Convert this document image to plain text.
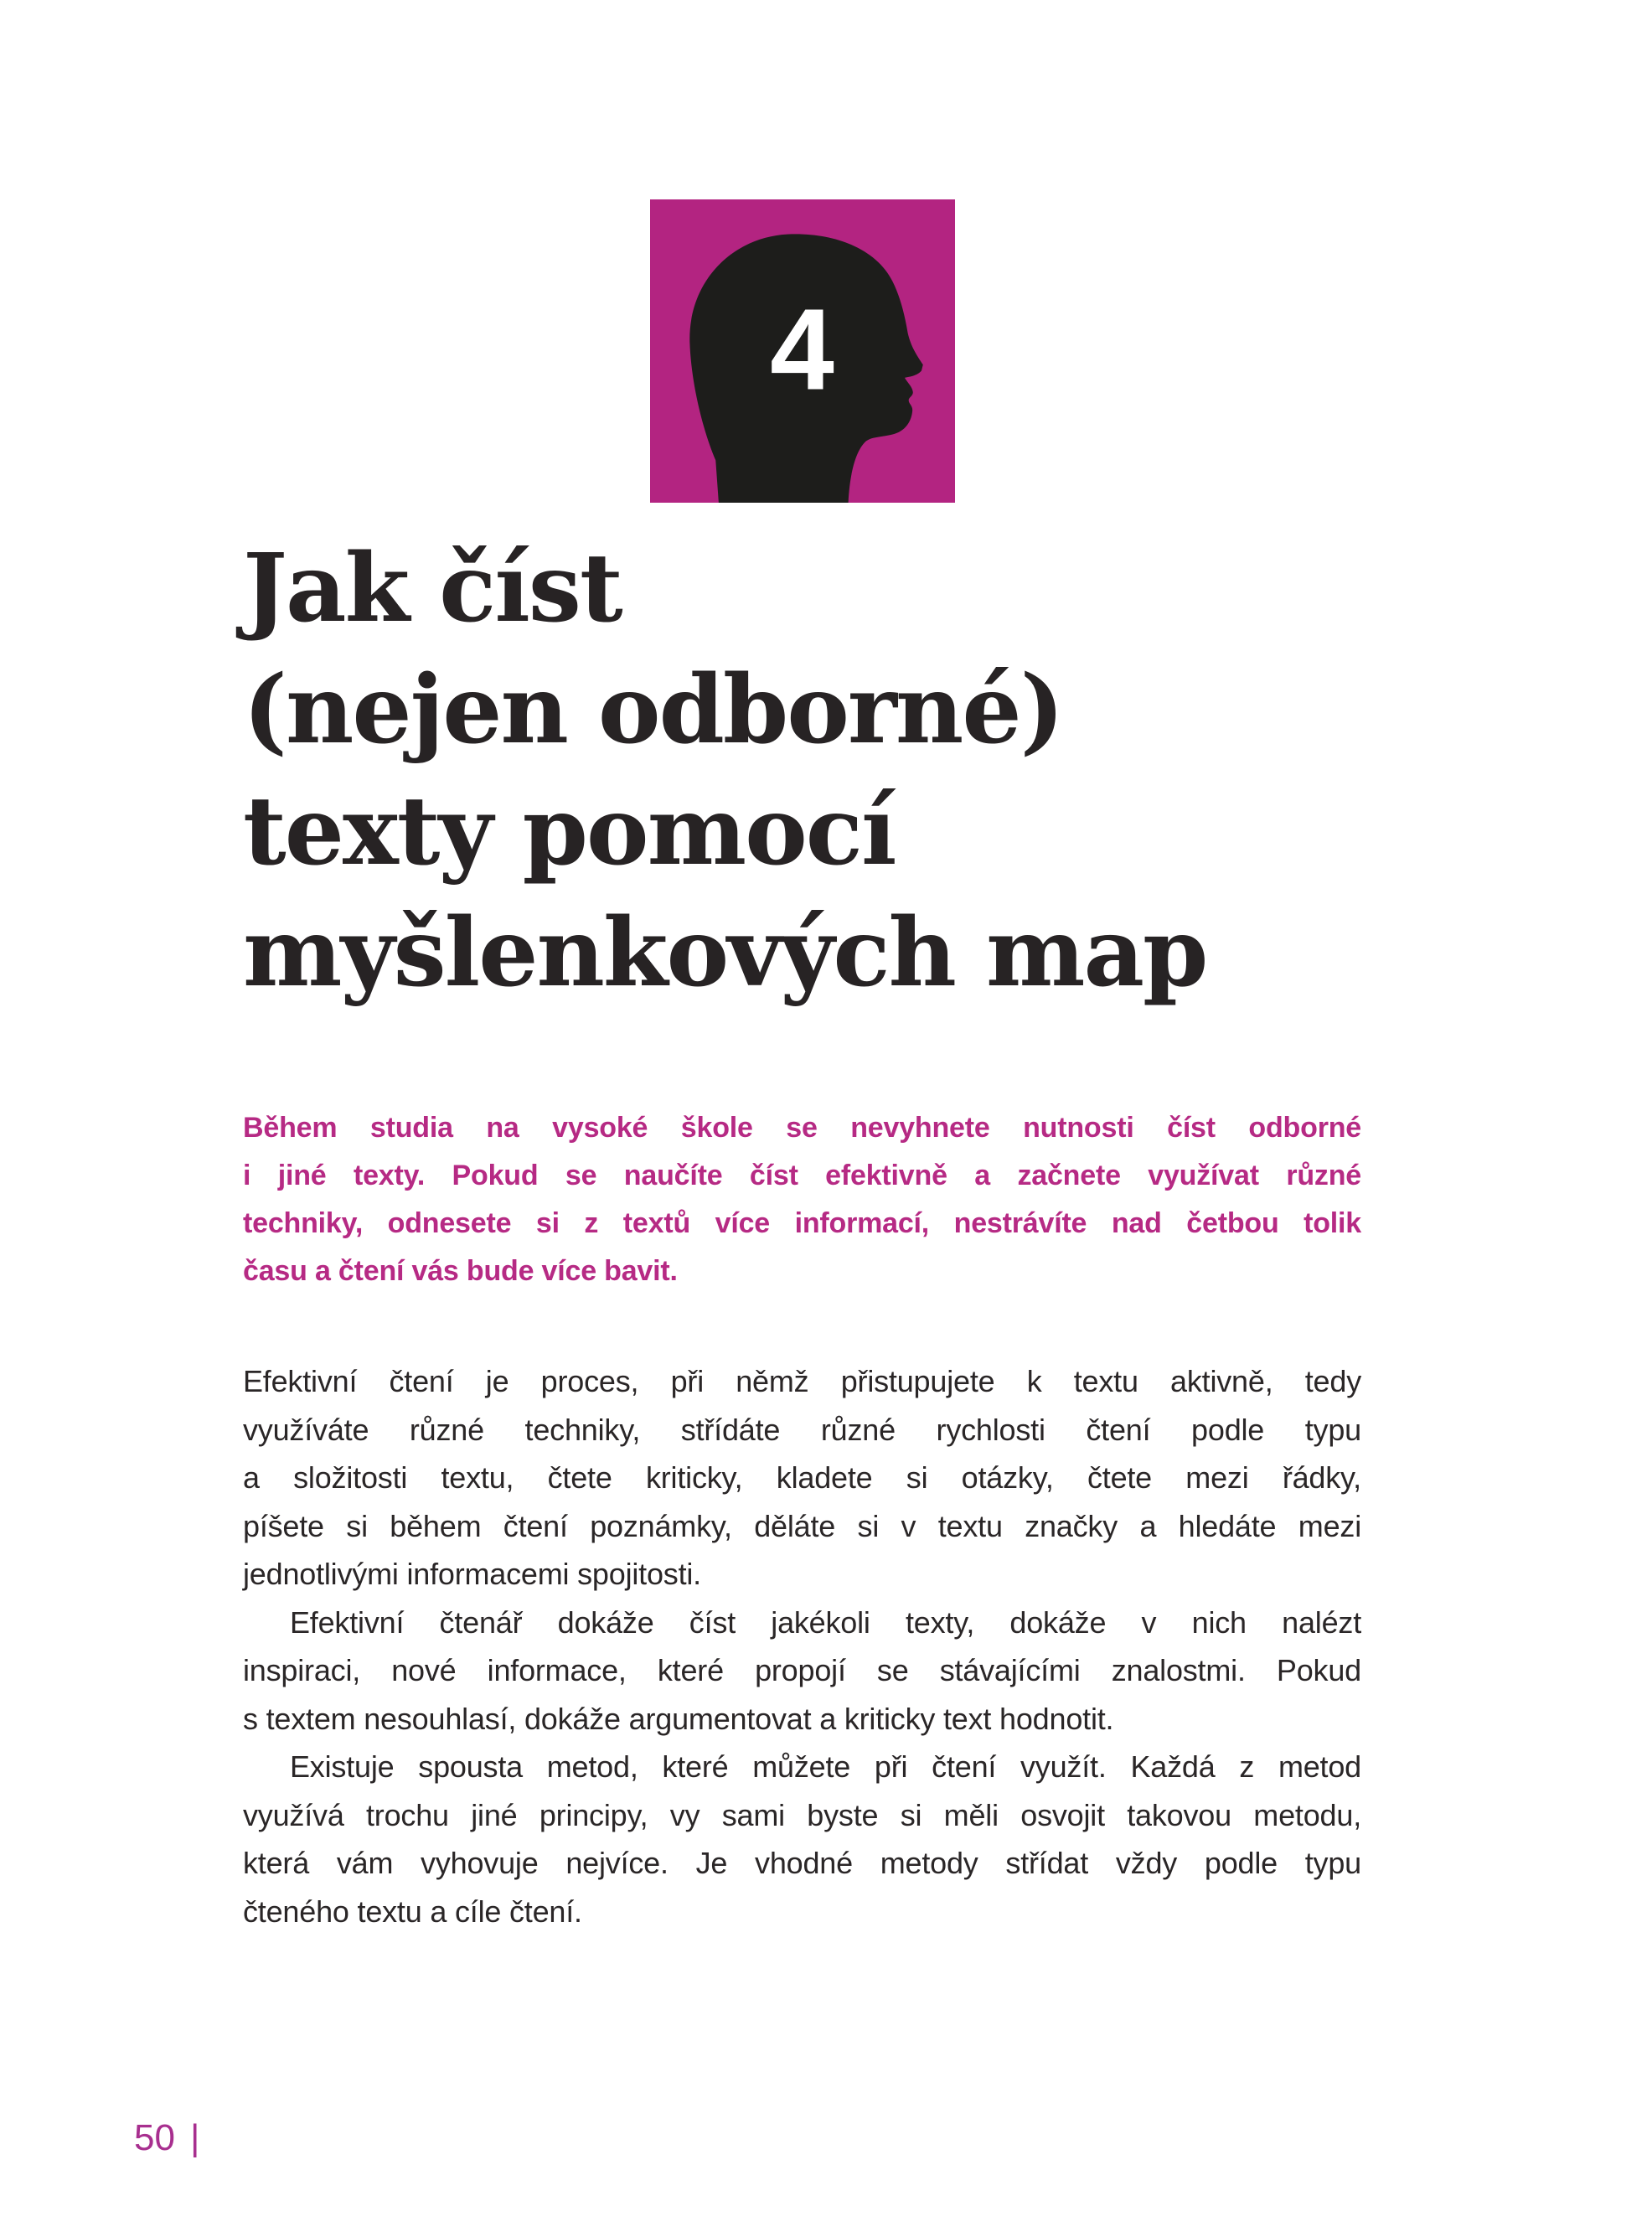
4
Jak číst
(nejen odborné)
texty pomocí
myšlenkových map
Během studia na vysoké škole se nevyhnete nutnosti číst odborné
i jiné texty. Pokud se naučíte číst efektivně a začnete využívat různé
techniky, odnesete si z textů více informací, nestrávíte nad četbou tolik
času a čtení vás bude více bavit.
Efektivní čtení je proces, při němž přistupujete k textu aktivně, tedy
využíváte různé techniky, střídáte různé rychlosti čtení podle typu
a složitosti textu, čtete kriticky, kladete si otázky, čtete mezi řádky,
píšete si během čtení poznámky, děláte si v textu značky a hledáte mezi
jednotlivými informacemi spojitosti.
Efektivní čtenář dokáže číst jakékoli texty, dokáže v nich nalézt
inspiraci, nové informace, které propojí se stávajícími znalostmi. Pokud
s textem nesouhlasí, dokáže argumentovat a kriticky text hodnotit.
Existuje spousta metod, které můžete při čtení využít. Každá z metod
využívá trochu jiné principy, vy sami byste si měli osvojit takovou metodu,
která vám vyhovuje nejvíce. Je vhodné metody střídat vždy podle typu
čteného textu a cíle čtení.
50 |
